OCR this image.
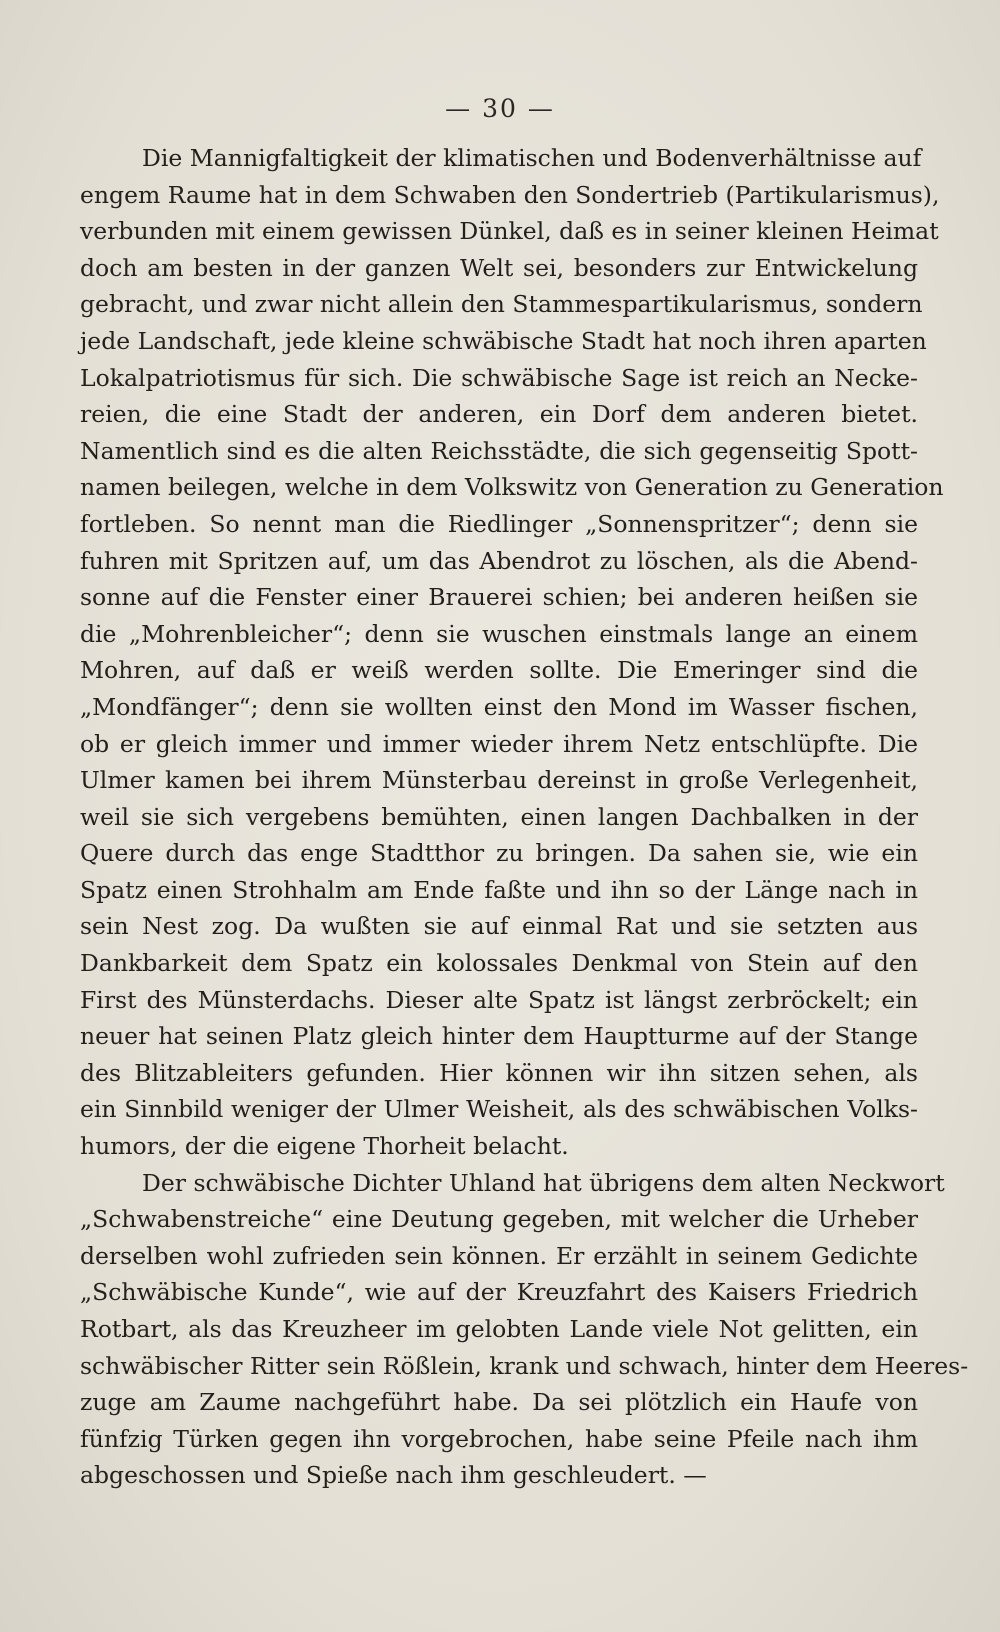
— 30 —
Die Mannigfaltigkeit der klimatischen und Bodenverhältnisse auf
engem Raume hat in dem Schwaben den Sondertrieb (Partikularismus),
verbunden mit einem gewissen Dünkel, daß es in seiner kleinen Heimat
doch am besten in der ganzen Welt sei, besonders zur Entwickelung
gebracht, und zwar nicht allein den Stammespartikularismus, sondern
jede Landschaft, jede kleine schwäbische Stadt hat noch ihren aparten
Lokalpatriotismus für sich. Die schwäbische Sage ist reich an Necke-
reien, die eine Stadt der anderen, ein Dorf dem anderen bietet.
Namentlich sind es die alten Reichsstädte, die sich gegenseitig Spott-
namen beilegen, welche in dem Volkswitz von Generation zu Generation
fortleben. So nennt man die Riedlinger „Sonnenspritzer“; denn sie
fuhren mit Spritzen auf, um das Abendrot zu löschen, als die Abend-
sonne auf die Fenster einer Brauerei schien; bei anderen heißen sie
die „Mohrenbleicher“; denn sie wuschen einstmals lange an einem
Mohren, auf daß er weiß werden sollte. Die Emeringer sind die
„Mondfänger“; denn sie wollten einst den Mond im Wasser fischen,
ob er gleich immer und immer wieder ihrem Netz entschlüpfte. Die
Ulmer kamen bei ihrem Münsterbau dereinst in große Verlegenheit,
weil sie sich vergebens bemühten, einen langen Dachbalken in der
Quere durch das enge Stadtthor zu bringen. Da sahen sie, wie ein
Spatz einen Strohhalm am Ende faßte und ihn so der Länge nach in
sein Nest zog. Da wußten sie auf einmal Rat und sie setzten aus
Dankbarkeit dem Spatz ein kolossales Denkmal von Stein auf den
First des Münsterdachs. Dieser alte Spatz ist längst zerbröckelt; ein
neuer hat seinen Platz gleich hinter dem Hauptturme auf der Stange
des Blitzableiters gefunden. Hier können wir ihn sitzen sehen, als
ein Sinnbild weniger der Ulmer Weisheit, als des schwäbischen Volks-
humors, der die eigene Thorheit belacht.
Der schwäbische Dichter Uhland hat übrigens dem alten Neckwort
„Schwabenstreiche“ eine Deutung gegeben, mit welcher die Urheber
derselben wohl zufrieden sein können. Er erzählt in seinem Gedichte
„Schwäbische Kunde“, wie auf der Kreuzfahrt des Kaisers Friedrich
Rotbart, als das Kreuzheer im gelobten Lande viele Not gelitten, ein
schwäbischer Ritter sein Rößlein, krank und schwach, hinter dem Heeres-
zuge am Zaume nachgeführt habe. Da sei plötzlich ein Haufe von
fünfzig Türken gegen ihn vorgebrochen, habe seine Pfeile nach ihm
abgeschossen und Spieße nach ihm geschleudert. —
